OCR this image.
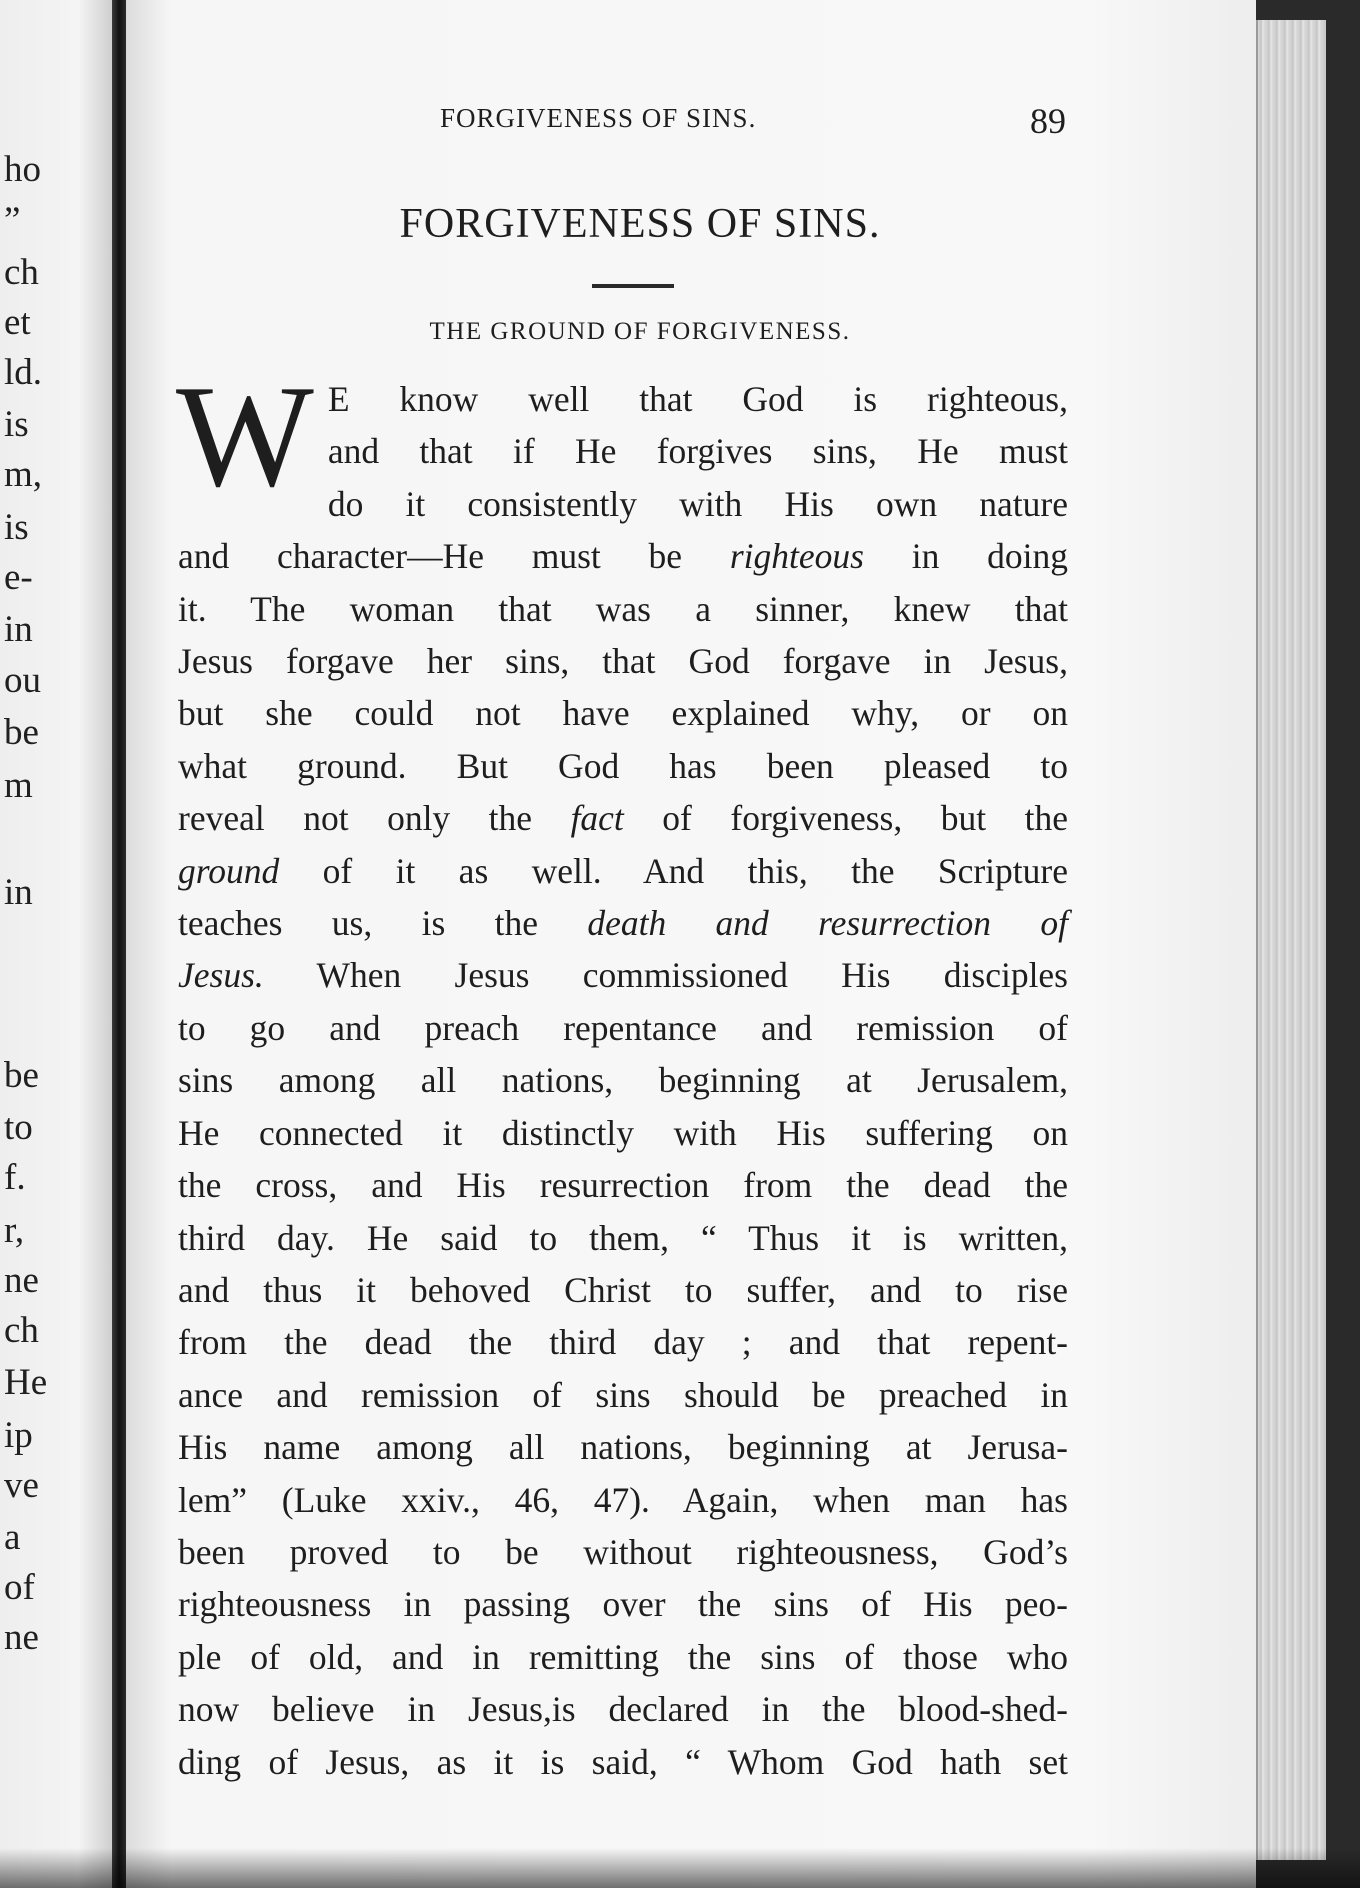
ho
”
ch
et
ld.
is
m,
is
e-
in
ou
be
m
in
be
to
f.
r,
ne
ch
He
ip
ve
a
of
ne
FORGIVENESS OF SINS.	89
FORGIVENESS OF SINS.
THE GROUND OF FORGIVENESS.
W E know well that God is righteous,
and that if He forgives sins, He must
do it consistently with His own nature
and character—He must be righteous in doing
it. The woman that was a sinner, knew that
Jesus forgave her sins, that God forgave in Jesus,
but she could not have explained why, or on
what ground. But God has been pleased to
reveal not only the fact of forgiveness, but the
ground of it as well. And this, the Scripture
teaches us, is the death and resurrection of
Jesus. When Jesus commissioned His disciples
to go and preach repentance and remission of
sins among all nations, beginning at Jerusalem,
He connected it distinctly with His suffering on
the cross, and His resurrection from the dead the
third day. He said to them, “ Thus it is written,
and thus it behoved Christ to suffer, and to rise
from the dead the third day ; and that repent-
ance and remission of sins should be preached in
His name among all nations, beginning at Jerusa-
lem” (Luke xxiv., 46, 47). Again, when man has
been proved to be without righteousness, God’s
righteousness in passing over the sins of His peo-
ple of old, and in remitting the sins of those who
now believe in Jesus,is declared in the blood-shed-
ding of Jesus, as it is said, “ Whom God hath set
